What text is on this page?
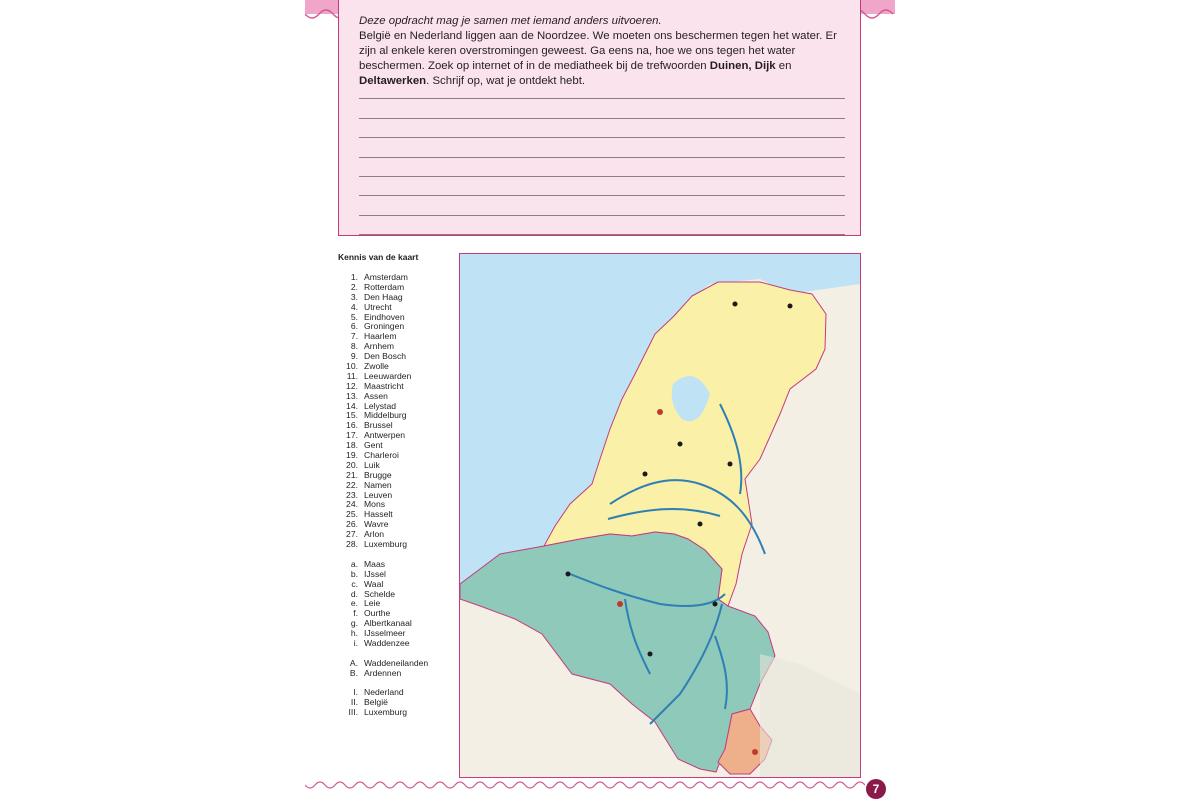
Deze opdracht mag je samen met iemand anders uitvoeren.
België en Nederland liggen aan de Noordzee. We moeten ons beschermen tegen het water. Er zijn al enkele keren overstromingen geweest. Ga eens na, hoe we ons tegen het water beschermen. Zoek op internet of in de mediatheek bij de trefwoorden Duinen, Dijk en Deltawerken. Schrijf op, wat je ontdekt hebt.
Kennis van de kaart
1. Amsterdam
2. Rotterdam
3. Den Haag
4. Utrecht
5. Eindhoven
6. Groningen
7. Haarlem
8. Arnhem
9. Den Bosch
10. Zwolle
11. Leeuwarden
12. Maastricht
13. Assen
14. Lelystad
15. Middelburg
16. Brussel
17. Antwerpen
18. Gent
19. Charleroi
20. Luik
21. Brugge
22. Namen
23. Leuven
24. Mons
25. Hasselt
26. Wavre
27. Arlon
28. Luxemburg
a. Maas
b. IJssel
c. Waal
d. Schelde
e. Leie
f. Ourthe
g. Albertkanaal
h. IJsselmeer
i. Waddenzee
A. Waddeneilanden
B. Ardennen
I. Nederland
II. België
III. Luxemburg
7
